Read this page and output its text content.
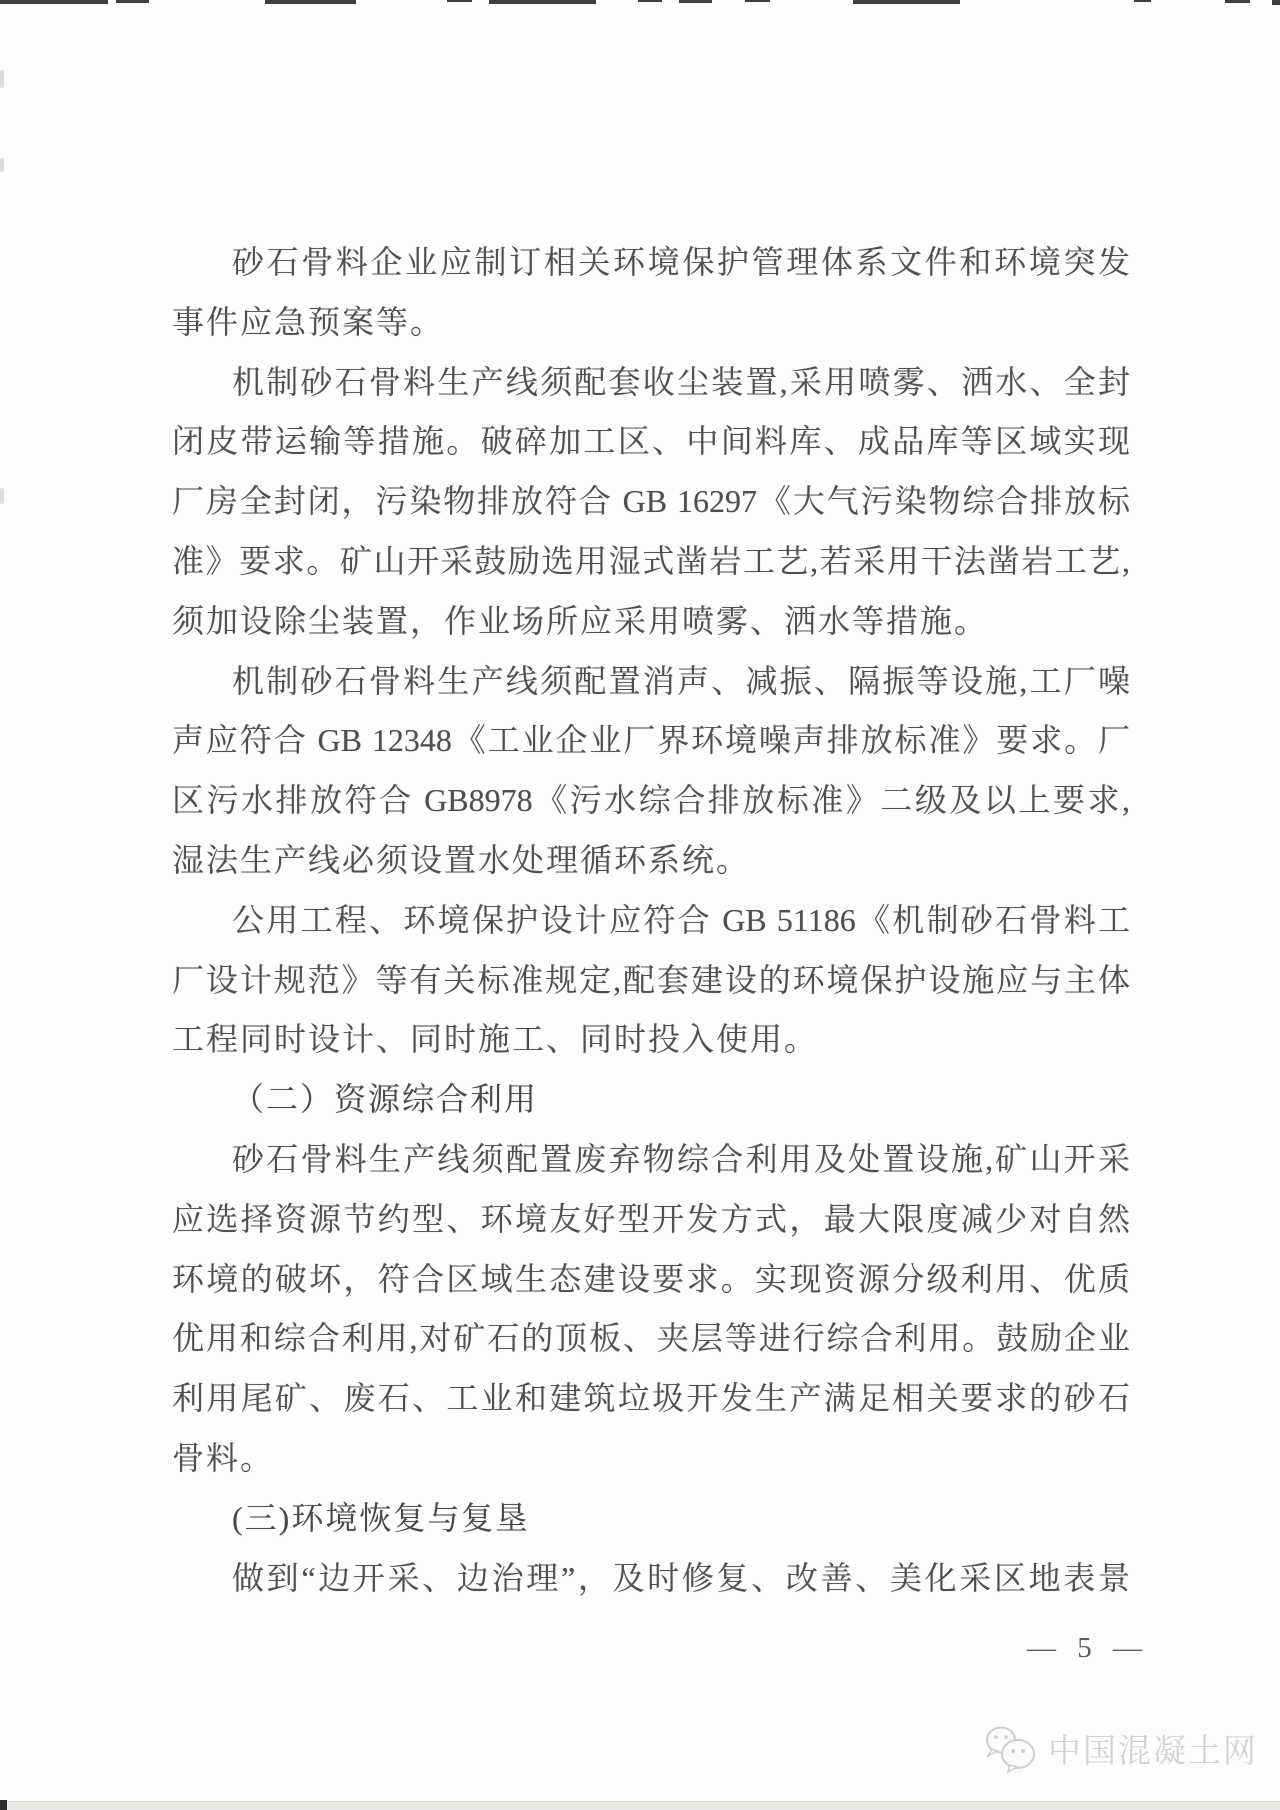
砂石骨料企业应制订相关环境保护管理体系文件和环境突发
事件应急预案等。
机制砂石骨料生产线须配套收尘装置,采用喷雾、洒水、全封
闭皮带运输等措施。破碎加工区、中间料库、成品库等区域实现
厂房全封闭，污染物排放符合 GB 16297《大气污染物综合排放标
准》要求。矿山开采鼓励选用湿式凿岩工艺,若采用干法凿岩工艺,
须加设除尘装置，作业场所应采用喷雾、洒水等措施。
机制砂石骨料生产线须配置消声、减振、隔振等设施,工厂噪
声应符合 GB 12348《工业企业厂界环境噪声排放标准》要求。厂
区污水排放符合 GB8978《污水综合排放标准》二级及以上要求,
湿法生产线必须设置水处理循环系统。
公用工程、环境保护设计应符合 GB 51186《机制砂石骨料工
厂设计规范》等有关标准规定,配套建设的环境保护设施应与主体
工程同时设计、同时施工、同时投入使用。
（二）资源综合利用
砂石骨料生产线须配置废弃物综合利用及处置设施,矿山开采
应选择资源节约型、环境友好型开发方式，最大限度减少对自然
环境的破坏，符合区域生态建设要求。实现资源分级利用、优质
优用和综合利用,对矿石的顶板、夹层等进行综合利用。鼓励企业
利用尾矿、废石、工业和建筑垃圾开发生产满足相关要求的砂石
骨料。
(三)环境恢复与复垦
做到“边开采、边治理”，及时修复、改善、美化采区地表景
— 5 —
中国混凝土网
